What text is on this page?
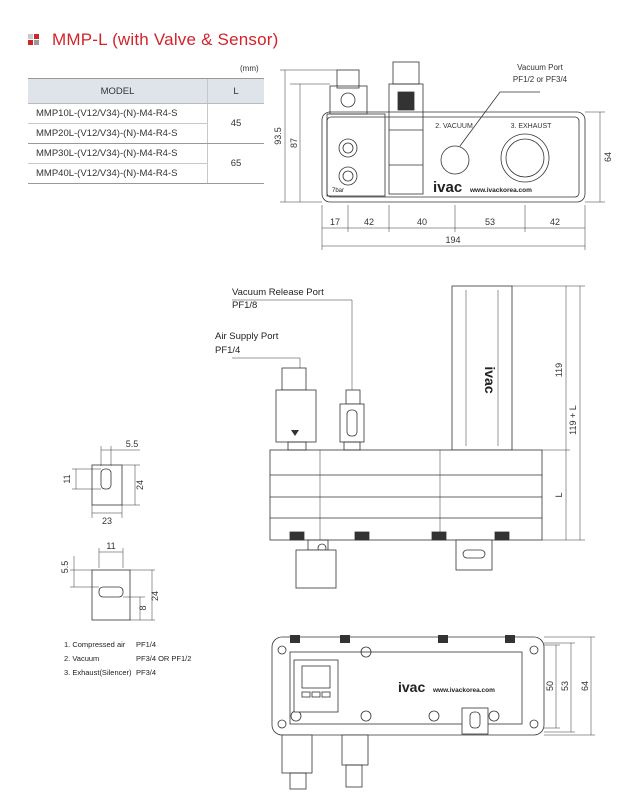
MMP-L (with Valve & Sensor)
(mm)
MODEL	L
MMP10L-(V12/V34)-(N)-M4-R4-S	45
MMP20L-(V12/V34)-(N)-M4-R4-S	
MMP30L-(V12/V34)-(N)-M4-R4-S	65
MMP40L-(V12/V34)-(N)-M4-R4-S	
Vacuum Port
PF1/2 or PF3/4
2. VACUUM	3. EXHAUST
ivac www.ivackorea.com
7bar
17	42	40	53	42
194
93.5 87
64
ivac
Vacuum Release Port
PF1/8
Air Supply Port
PF1/4
119
119 + L
L
5.5
11
24
23
11
5.5
8
24
ivac www.ivackorea.com	50 53 64
1. Compressed air	PF1/4
2. Vacuum	PF3/4 OR PF1/2
3. Exhaust(Silencer) PF3/4
